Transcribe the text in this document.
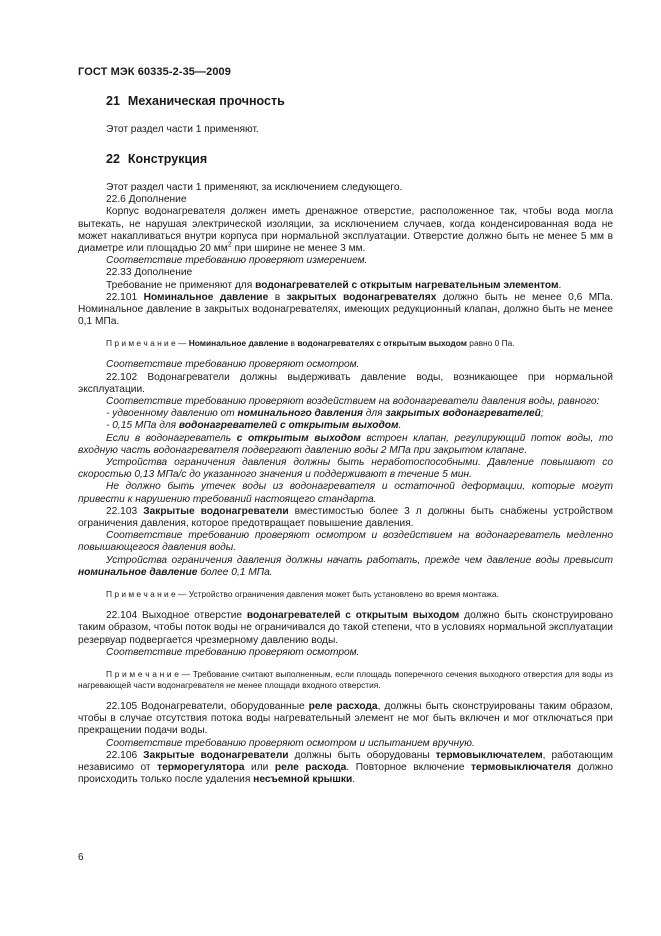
ГОСТ МЭК 60335-2-35—2009
21 Механическая прочность

Этот раздел части 1 применяют.

22 Конструкция

Этот раздел части 1 применяют, за исключением следующего.

22.6 Дополнение

Корпус водонагревателя должен иметь дренажное отверстие, расположенное так, чтобы вода могла вытекать, не нарушая электрической изоляции, за исключением случаев, когда конденсированная вода не может накапливаться внутри корпуса при нормальной эксплуатации. Отверстие должно быть не менее 5 мм в диаметре или площадью 20 $мм^2$ при ширине не менее 3 мм.

Соответствие требованию проверяют измерением.

22.33 Дополнение

Требование не применяют для водонагревателей с открытым нагревательным элементом.

22.101 Номинальное давление в закрытых водонагревателях должно быть не менее 0,6 МПа. Номинальное давление в закрытых водонагревателях, имеющих редукционный клапан, должно быть не менее 0,1 МПа.

П р и м е ч а н и е — Номинальное давление в водонагревателях с открытым выходом равно 0 Па.

Соответствие требованию проверяют осмотром.

22.102 Водонагреватели должны выдерживать давление воды, возникающее при нормальной эксплуатации.

Соответствие требованию проверяют воздействием на водонагреватели давления воды, равного:

- удвоенному давлению от номинального давления для закрытых водонагревателей;

- 0,15 МПа для водонагревателей с открытым выходом.

Если в водонагреватель с открытым выходом встроен клапан, регулирующий поток воды, то входную часть водонагревателя подвергают давлению воды 2 МПа при закрытом клапане.

Устройства ограничения давления должны быть неработоспособными. Давление повышают со скоростью 0,13 МПа/с до указанного значения и поддерживают в течение 5 мин.

Не должно быть утечек воды из водонагревателя и остаточной деформации, которые могут привести к нарушению требований настоящего стандарта.

22.103 Закрытые водонагреватели вместимостью более 3 л должны быть снабжены устройством ограничения давления, которое предотвращает повышение давления.

Соответствие требованию проверяют осмотром и воздействием на водонагреватель медленно повышающегося давления воды.

Устройства ограничения давления должны начать работать, прежде чем давление воды превысит номинальное давление более 0,1 МПа.

П р и м е ч а н и е — Устройство ограничения давления может быть установлено во время монтажа.

22.104 Выходное отверстие водонагревателей с открытым выходом должно быть сконструировано таким образом, чтобы поток воды не ограничивался до такой степени, что в условиях нормальной эксплуатации резервуар подвергается чрезмерному давлению воды.

Соответствие требованию проверяют осмотром.

П р и м е ч а н и е — Требование считают выполненным, если площадь поперечного сечения выходного отверстия для воды из нагревающей части водонагревателя не менее площади входного отверстия.

22.105 Водонагреватели, оборудованные реле расхода, должны быть сконструированы таким образом, чтобы в случае отсутствия потока воды нагревательный элемент не мог быть включен и мог отключаться при прекращении подачи воды.

Соответствие требованию проверяют осмотром и испытанием вручную.

22.106 Закрытые водонагреватели должны быть оборудованы термовыключателем, работающим независимо от терморегулятора или реле расхода. Повторное включение термовыключателя должно происходить только после удаления несъемной крышки.

6
